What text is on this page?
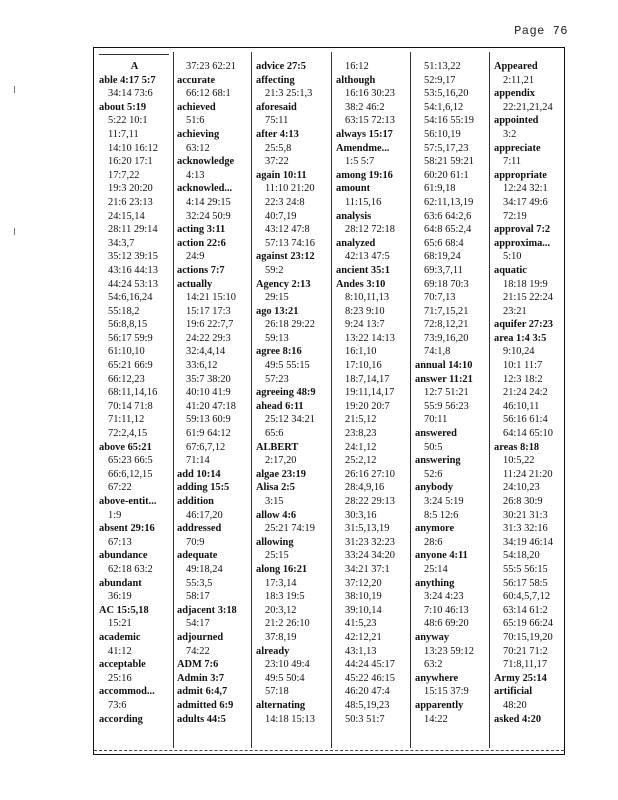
Page 76
A
able 4:17 5:7
34:14 73:6
about 5:19
5:22 10:1
11:7,11
14:10 16:12
16:20 17:1
17:7,22
19:3 20:20
21:6 23:13
24:15,14
28:11 29:14
34:3,7
35:12 39:15
43:16 44:13
44:24 53:13
54:6,16,24
55:18,2
56:8,8,15
56:17 59:9
61:10,10
65:21 66:9
66:12,23
68:11,14,16
70:14 71:8
71:11,12
72:2,4,15
above 65:21
65:23 66:5
66:6,12,15
67:22
above-entit...
1:9
absent 29:16
67:13
abundance
62:18 63:2
abundant
36:19
AC 15:5,18
15:21
academic
41:12
acceptable
25:16
accommod...
73:6
according
37:23 62:21
accurate
66:12 68:1
achieved
51:6
achieving
63:12
acknowledge
4:13
acknowled...
4:14 29:15
32:24 50:9
acting 3:11
action 22:6
24:9
actions 7:7
actually
14:21 15:10
15:17 17:3
19:6 22:7,7
24:22 29:3
32:4,4,14
33:6,12
35:7 38:20
40:10 41:9
41:20 47:18
59:13 60:9
61:9 64:12
67:6,7,12
71:14
add 10:14
adding 15:5
addition
46:17,20
addressed
70:9
adequate
49:18,24
55:3,5
58:17
adjacent 3:18
54:17
adjourned
74:22
ADM 7:6
Admin 3:7
admit 6:4,7
admitted 6:9
adults 44:5
advice 27:5
affecting
21:3 25:1,3
aforesaid
75:11
after 4:13
25:5,8
37:22
again 10:11
11:10 21:20
22:3 24:8
40:7,19
43:12 47:8
57:13 74:16
against 23:12
59:2
Agency 2:13
29:15
ago 13:21
26:18 29:22
59:13
agree 8:16
49:5 55:15
57:23
agreeing 48:9
ahead 6:11
25:12 34:21
65:6
ALBERT
2:17,20
algae 23:19
Alisa 2:5
3:15
allow 4:6
25:21 74:19
allowing
25:15
along 16:21
17:3,14
18:3 19:5
20:3,12
21:2 26:10
37:8,19
already
23:10 49:4
49:5 50:4
57:18
alternating
14:18 15:13
16:12
although
16:16 30:23
38:2 46:2
63:15 72:13
always 15:17
Amendme...
1:5 5:7
among 19:16
amount
11:15,16
analysis
28:12 72:18
analyzed
42:13 47:5
ancient 35:1
Andes 3:10
8:10,11,13
8:23 9:10
9:24 13:7
13:22 14:13
16:1,10
17:10,16
18:7,14,17
19:11,14,17
19:20 20:7
21:5,12
23:8,23
24:1,12
25:2,12
26:16 27:10
28:4,9,16
28:22 29:13
30:3,16
31:5,13,19
31:23 32:23
33:24 34:20
34:21 37:1
37:12,20
38:10,19
39:10,14
41:5,23
42:12,21
43:1,13
44:24 45:17
45:22 46:15
46:20 47:4
48:5,19,23
50:3 51:7
51:13,22
52:9,17
53:5,16,20
54:1,6,12
54:16 55:19
56:10,19
57:5,17,23
58:21 59:21
60:20 61:1
61:9,18
62:11,13,19
63:6 64:2,6
64:8 65:2,4
65:6 68:4
68:19,24
69:3,7,11
69:18 70:3
70:7,13
71:7,15,21
72:8,12,21
73:9,16,20
74:1,8
annual 14:10
answer 11:21
12:7 51:21
55:9 56:23
70:11
answered
50:5
answering
52:6
anybody
3:24 5:19
8:5 12:6
anymore
28:6
anyone 4:11
25:14
anything
3:24 4:23
7:10 46:13
48:6 69:20
anyway
13:23 59:12
63:2
anywhere
15:15 37:9
apparently
14:22
Appeared
2:11,21
appendix
22:21,21,24
appointed
3:2
appreciate
7:11
appropriate
12:24 32:1
34:17 49:6
72:19
approval 7:2
approxima...
5:10
aquatic
18:18 19:9
21:15 22:24
23:21
aquifer 27:23
area 1:4 3:5
9:10,24
10:1 11:7
12:3 18:2
21:24 24:2
46:10,11
56:16 61:4
64:14 65:10
areas 8:18
10:5,22
11:24 21:20
24:10,23
26:8 30:9
30:21 31:3
31:3 32:16
34:19 46:14
54:18,20
55:5 56:15
56:17 58:5
60:4,5,7,12
63:14 61:2
65:19 66:24
70:15,19,20
70:21 71:2
71:8,11,17
Army 25:14
artificial
48:20
asked 4:20
